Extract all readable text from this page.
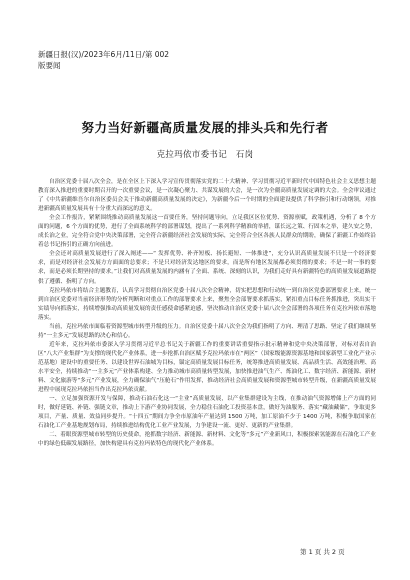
新疆日报(汉)/2023年6月/11日/第 002
版要闻
努力当好新疆高质量发展的排头兵和先行者
克拉玛依市委书记　石岗

自治区党委十届八次全会，是在全区上下深入学习宣传贯彻落实党的二十大精神、学习贯彻习近平新时代中国特色社会主义思想主题教育深入推进的重要时期召开的一次重要会议，是一次凝心聚力、共谋发展的大会，是一次为全疆高质量发展定调的大会。全会审议通过了《中共新疆维吾尔自治区委员会关于推动新疆高质量发展的决定》，为新疆今后一个时期的全面建设提供了科学指引和行动纲领，对推进新疆高质量发展具有十分重大而深远的意义。

全会工作报告，紧紧围绕推动高质量发展这一首要任务，坚持问题导向，立足我区区位优势、资源禀赋，政策机遇，分析了 8 个方面的问题，6 个方面的优势，进行了全面系统科学的部署谋划，提出了一系列科学精准的举措，谋长远之策、行固本之举，建久安之势，成长治之业，完全符合党中央决策部署，完全符合新疆经济社会发展的实际，完全符合全区各族人民群众的期盼，确保了新疆工作始终沿着总书记指引的正确方向前进。

全会还对高质量发展进行了深入阐述——“ 发挥优势、补齐短板、扬长避短、一体推进”，充分认识高质量发展不只是一个经济要求，而是对经济社会发展方方面面的总要求；不是只对经济发达地区的要求，而是所有地区发展都必须贯彻的要求；不是一时一事的要求，而是必须长期坚持的要求。”让我们对高质量发展的内涵有了全面、系统、深刻的认识，为我们走好具有新疆特色的高质量发展道路提供了遵循、指明了方向。

克拉玛依市将结合主题教育，认真学习贯彻自治区党委十届八次全会精神，切实把思想和行动统一到自治区党委部署要求上来，统一到自治区党委对当前经济形势的分析判断和对重点工作的部署要求上来，聚焦全会部署要求抓落实，紧扣重点目标任务抓推进，突出实干实绩导向抓落实，持续增强推动高质量发展的责任感使命感紧迫感，坚决推动自治区党委十届八次全会部署的各项任务在克拉玛依市落地落实。

当前，克拉玛依市面临着资源型城市转型升级的压力。自治区党委十届八次全会为我们指明了方向、理清了思路、坚定了我们继续坚持“一主多元”发展思路的决心和信心。

近年来，克拉玛依市委深入学习贯彻习近平总书记关于新疆工作的重要讲话重要指示批示精神和党中央决策部署，对标对表自治区“八大产业集群”为支撑的现代化产业体系，进一步抢抓自治区赋予克拉玛依市在“两区”（国家级能源资源基地和国家新型工业化产业示范基地）建设中的重要任务、以建设世界石油城为目标，锚定高质量发展目标任务，统筹推进高质量发展、高品质生活、高效能治理、高水平安全，持续推动“一主多元”产业体系构建、全力推动城市高质量转型发展，加快推进油气生产、炼油化工、数字经济、新能源、新材料、文化旅游等“多元”产业发展，全力确保油气“压舱石”作用发挥，推动经济社会高质量发展和资源型城市转型升级，在新疆高质量发展进程中展现克拉玛依担当作出克拉玛依贡献。

一、立足加强资源开发与保障，推动石油石化这一“主业”高质量发展，以产业集群建设为主线，在推动油气资源增储上产方面的同时，做好延链、补链、强链文章，推动上下游产业协同发展，全力稳住石油化工投资基本盘，做好为油服务、落实“藏油藏储”，争取更多项目，产量、质量、效益同步提升。“十四五”期间力争全市原油年产量达到 1500 万吨，加工原油不少于 1400 万吨，积极争取国家在石油化工产业基地规划布局，持续推进结构优化工业产业发展，力争建设一流、更好、更新的产业集群。

二、着眼资源型城市转型的历史使命，抢抓数字经济、新能源、新材料、文化等“多元”产业新风口，积极探索氢能源在石油化工产业中的绿色低碳发展路径，加快构建具有克拉玛依特色的现代化产业体系。

第 1 页 共 2 页
